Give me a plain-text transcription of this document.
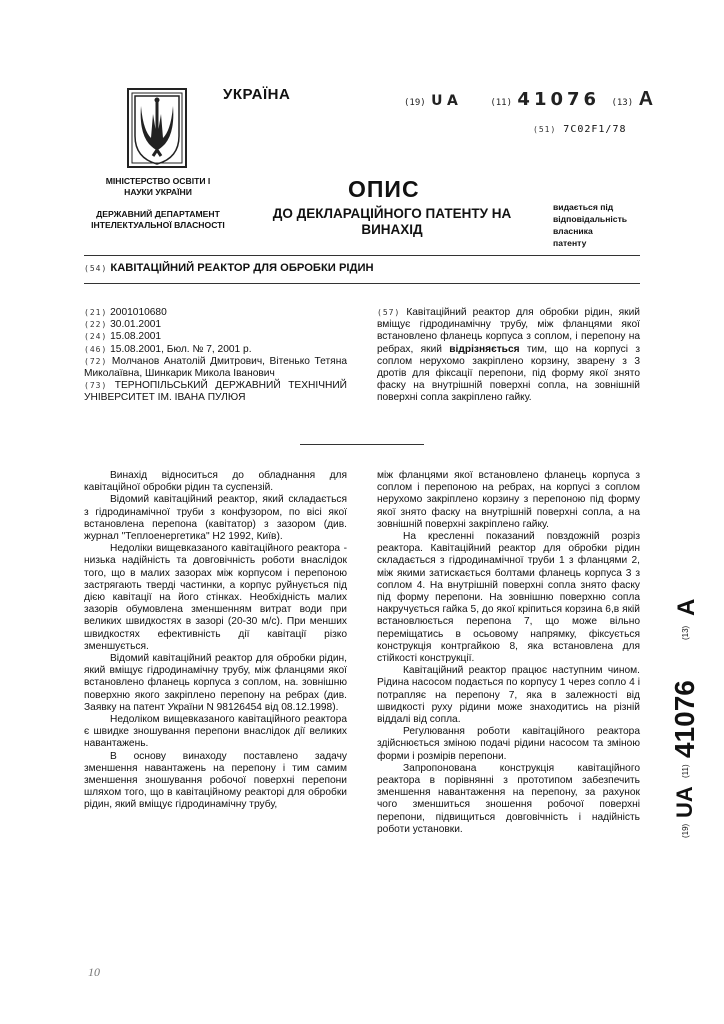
УКРАЇНА
МІНІСТЕРСТВО ОСВІТИ І НАУКИ УКРАЇНИ
ДЕРЖАВНИЙ ДЕПАРТАМЕНТ ІНТЕЛЕКТУАЛЬНОЇ ВЛАСНОСТІ
(19) UA	(11) 41076 (13) A
(51) 7C02F1/78
ОПИС
ДО ДЕКЛАРАЦІЙНОГО ПАТЕНТУ НА ВИНАХІД
видається під
відповідальність
власника
патенту
(54) КАВІТАЦІЙНИЙ РЕАКТОР ДЛЯ ОБРОБКИ РІДИН
(21) 2001010680
(22) 30.01.2001
(24) 15.08.2001
(46) 15.08.2001, Бюл. № 7, 2001 р.
(72) Молчанов Анатолій Дмитрович, Вітенько Тетяна Миколаївна, Шинкарик Микола Іванович
(73) ТЕРНОПІЛЬСЬКИЙ ДЕРЖАВНИЙ ТЕХНІЧНИЙ УНІВЕРСИТЕТ ІМ. ІВАНА ПУЛЮЯ
(57) Кавітаційний реактор для обробки рідин, який вміщує гідродинамічну трубу, між фланцями якої встановлено фланець корпуса з соплом, і перепону на ребрах, який відрізняється тим, що на корпусі з соплом нерухомо закріплено корзину, зварену з 3 дротів для фіксації перепони, під форму якої знято фаску на внутрішній поверхні сопла, на зовнішній поверхні сопла закріплено гайку.

Винахід відноситься до обладнання для кавітаційної обробки рідин та суспензій.

Відомий кавітаційний реактор, який складається з гідродинамічної труби з конфузором, по вісі якої встановлена перепона (кавітатор) з зазором (див. журнал "Теплоенергетика" Н2 1992, Київ).

Недоліки вищевказаного кавітаційного реактора - низька надійність та довговічність роботи внаслідок того, що в малих зазорах між корпусом і перепоною застрягають тверді частинки, а корпус руйнується під дією кавітації на його стінках. Необхідність малих зазорів обумовлена зменшенням витрат води при великих швидкостях в зазорі (20-30 м/с). При менших швидкостях ефективність дії кавітації різко зменшується.

Відомий кавітаційний реактор для обробки рідин, який вміщує гідродинамічну трубу, між фланцями якої встановлено фланець корпуса з соплом, на. зовнішню поверхню якого закріплено перепону на ребрах (див. Заявку на патент України N 98126454 від 08.12.1998).

Недоліком вищевказаного кавітаційного реактора є швидке зношування перепони внаслідок дії великих навантажень.

В основу винаходу поставлено задачу зменшення навантажень на перепону і тим самим зменшення зношування робочої поверхні перепони шляхом того, що в кавітаційному реакторі для обробки рідин, який вміщує гідродинамічну трубу,

між фланцями якої встановлено фланець корпуса з соплом і перепоною на ребрах, на корпусі з соплом нерухомо закріплено корзину з перепоною під форму якої знято фаску на внутрішній поверхні сопла, а на зовнішній поверхні закріплено гайку.

На кресленні показаний повздожній розріз реактора. Кавітаційний реактор для обробки рідин складається з гідродинамічної труби 1 з фланцями 2, між якими затискається болтами фланець корпуса 3 з соплом 4. На внутрішній поверхні сопла знято фаску під форму перепони. На зовнішню поверхню сопла накручується гайка 5, до якої кріпиться корзина 6,в якій встановлюється перепона 7, що може вільно переміщатись в осьовому напрямку, фіксується конструкція контргайкою 8, яка встановлена для стійкості конструкції.

Кавітаційний реактор працює наступним чином. Рідина насосом подається по корпусу 1 через сопло 4 і потрапляє на перепону 7, яка в залежності від швидкості руху рідини може знаходитись на різній віддалі від сопла.

Регулювання роботи кавітаційного реактора здійснюється зміною подачі рідини насосом та зміною форми і розмірів перепони.

Запропонована конструкція кавітаційного реактора в порівнянні з прототипом забезпечить зменшення навантаження на перепону, за рахунок чого зменшиться зношення робочої поверхні перепони, підвищиться довговічність і надійність роботи установки.	(19)
UA
(11)
41076
(13)
A
10
